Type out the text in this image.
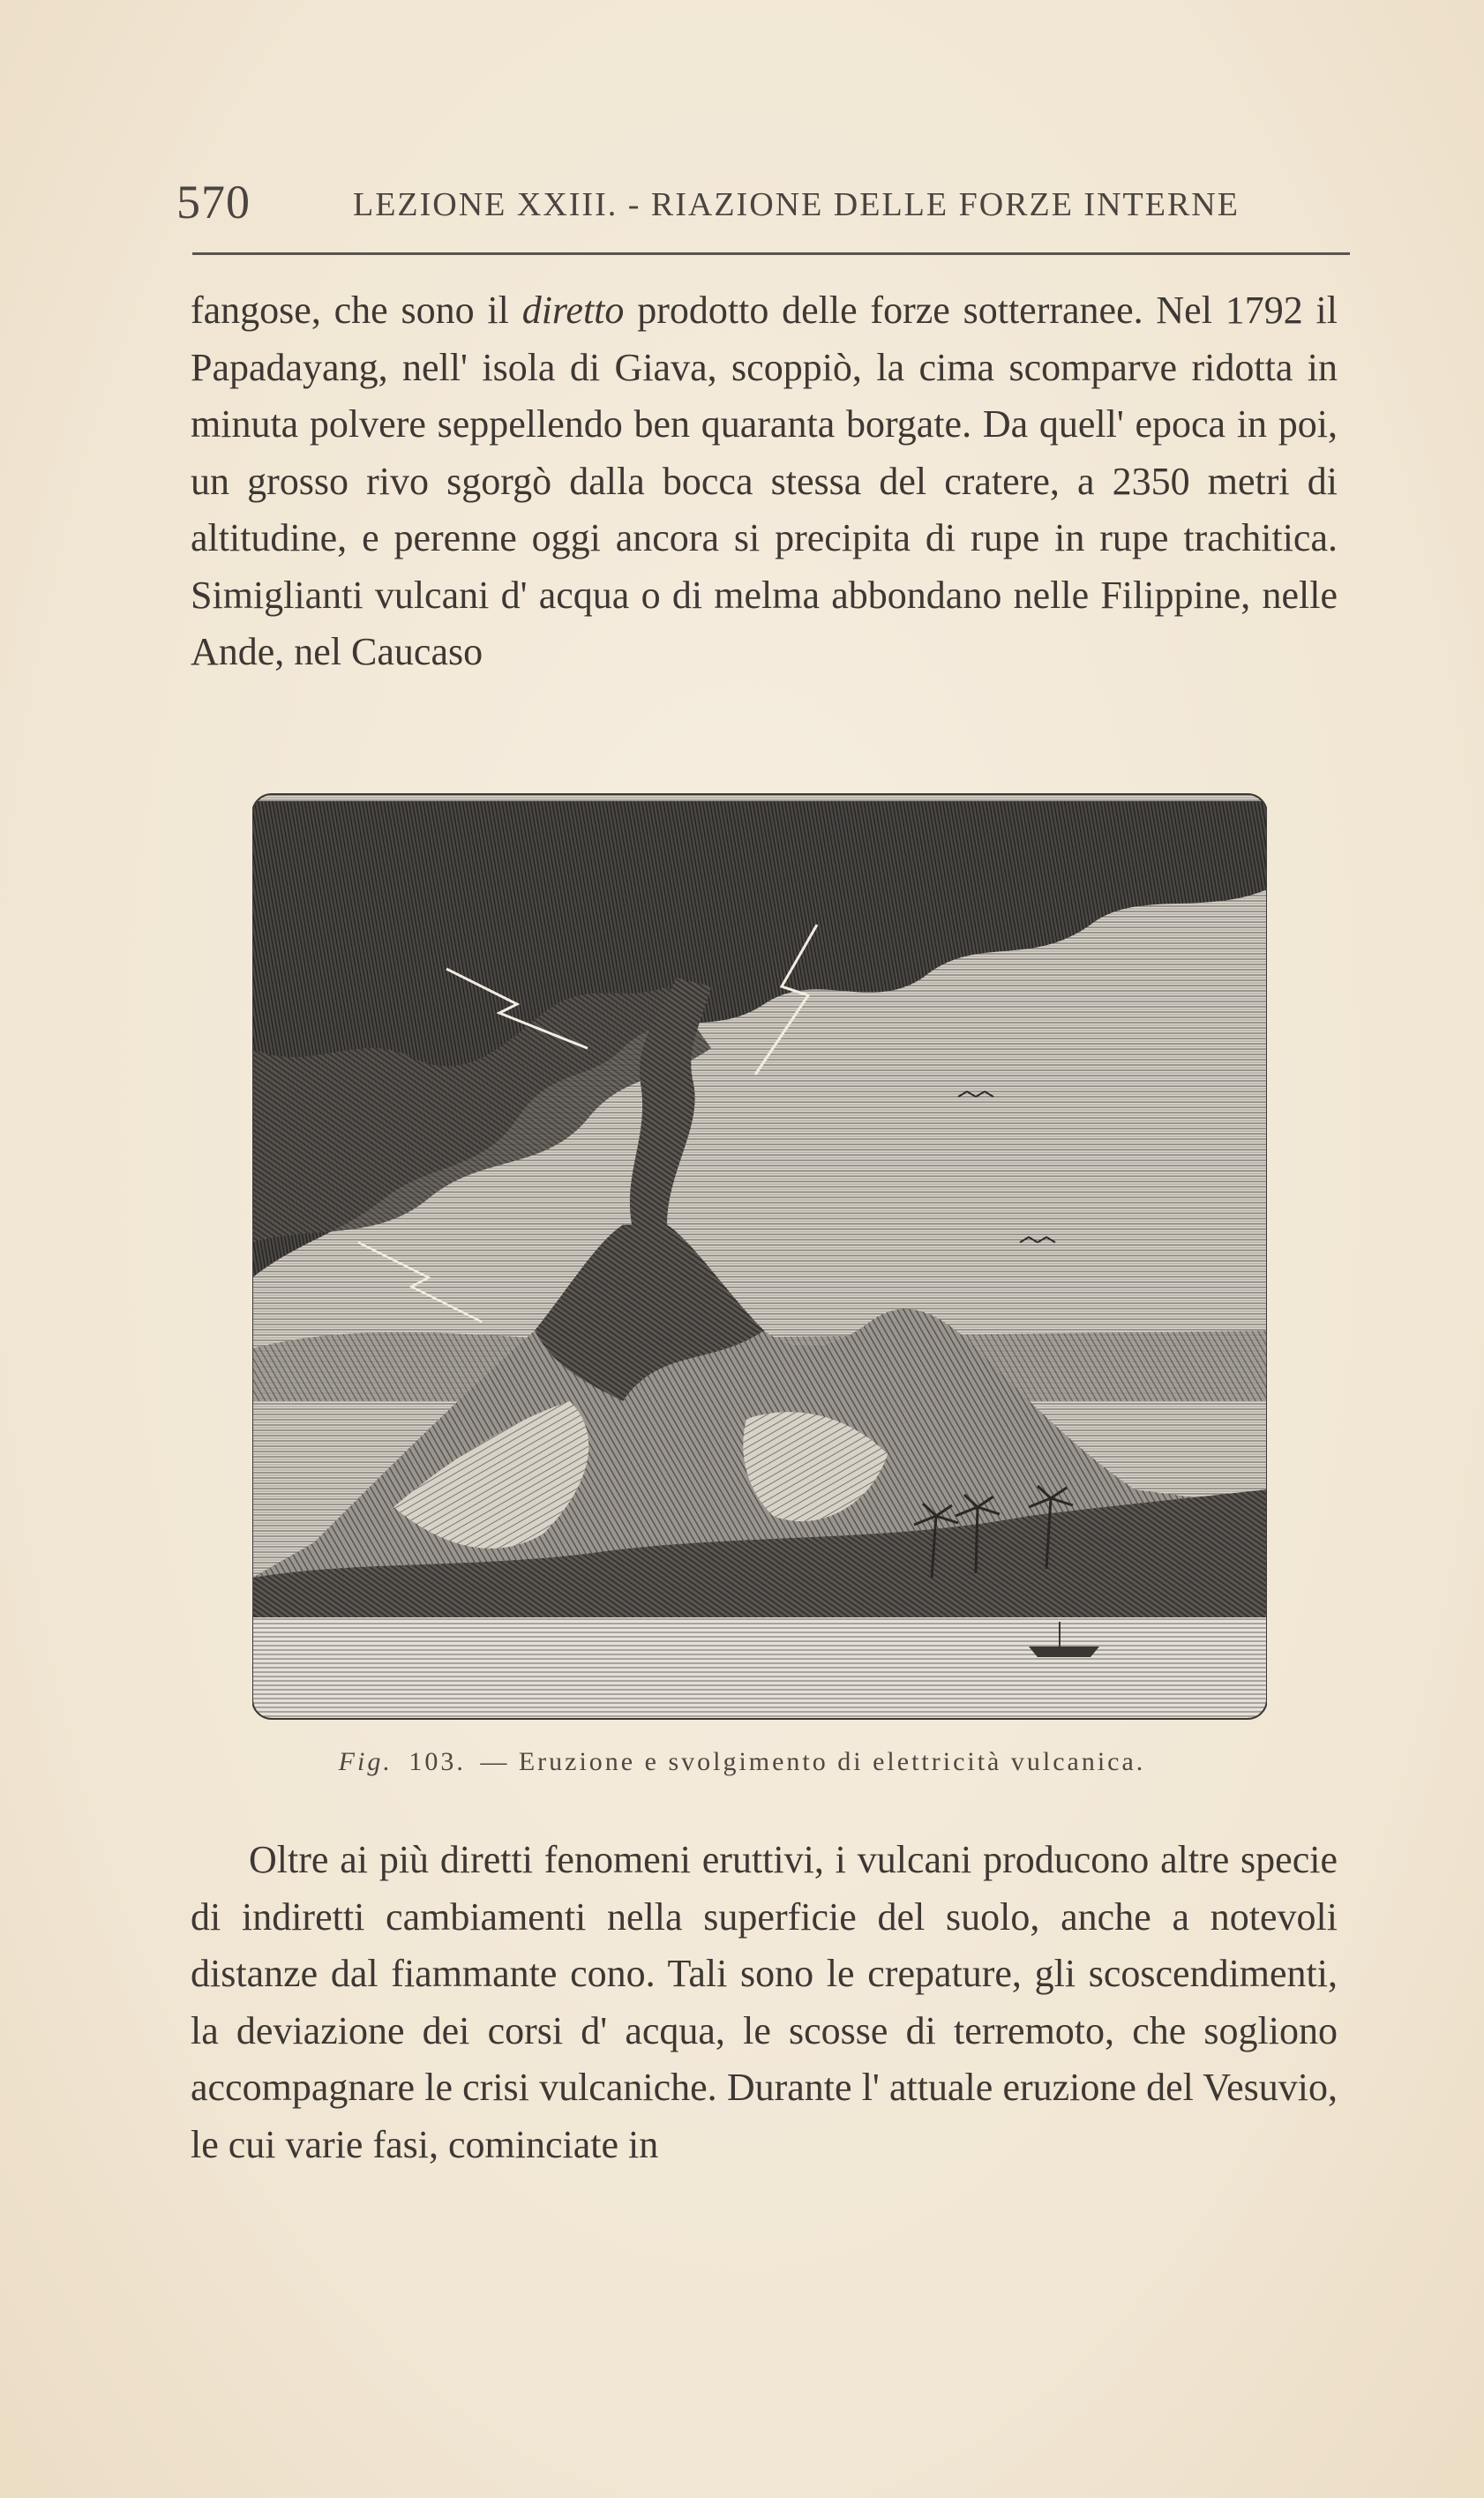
570	LEZIONE XXIII. - RIAZIONE DELLE FORZE INTERNE
fangose, che sono il diretto prodotto delle forze sotterranee. Nel 1792 il Papadayang, nell' isola di Giava, scoppiò, la cima scomparve ridotta in minuta polvere seppellendo ben quaranta borgate. Da quell' epoca in poi, un grosso rivo sgorgò dalla bocca stessa del cratere, a 2350 metri di altitudine, e perenne oggi ancora si precipita di rupe in rupe trachitica. Simiglianti vulcani d' acqua o di melma abbondano nelle Filippine, nelle Ande, nel Caucaso
Fig. 103. — Eruzione e svolgimento di elettricità vulcanica.
Oltre ai più diretti fenomeni eruttivi, i vulcani producono altre specie di indiretti cambiamenti nella superficie del suolo, anche a notevoli distanze dal fiammante cono. Tali sono le crepature, gli scoscendimenti, la deviazione dei corsi d' acqua, le scosse di terremoto, che sogliono accompagnare le crisi vulcaniche. Durante l' attuale eruzione del Vesuvio, le cui varie fasi, cominciate in
